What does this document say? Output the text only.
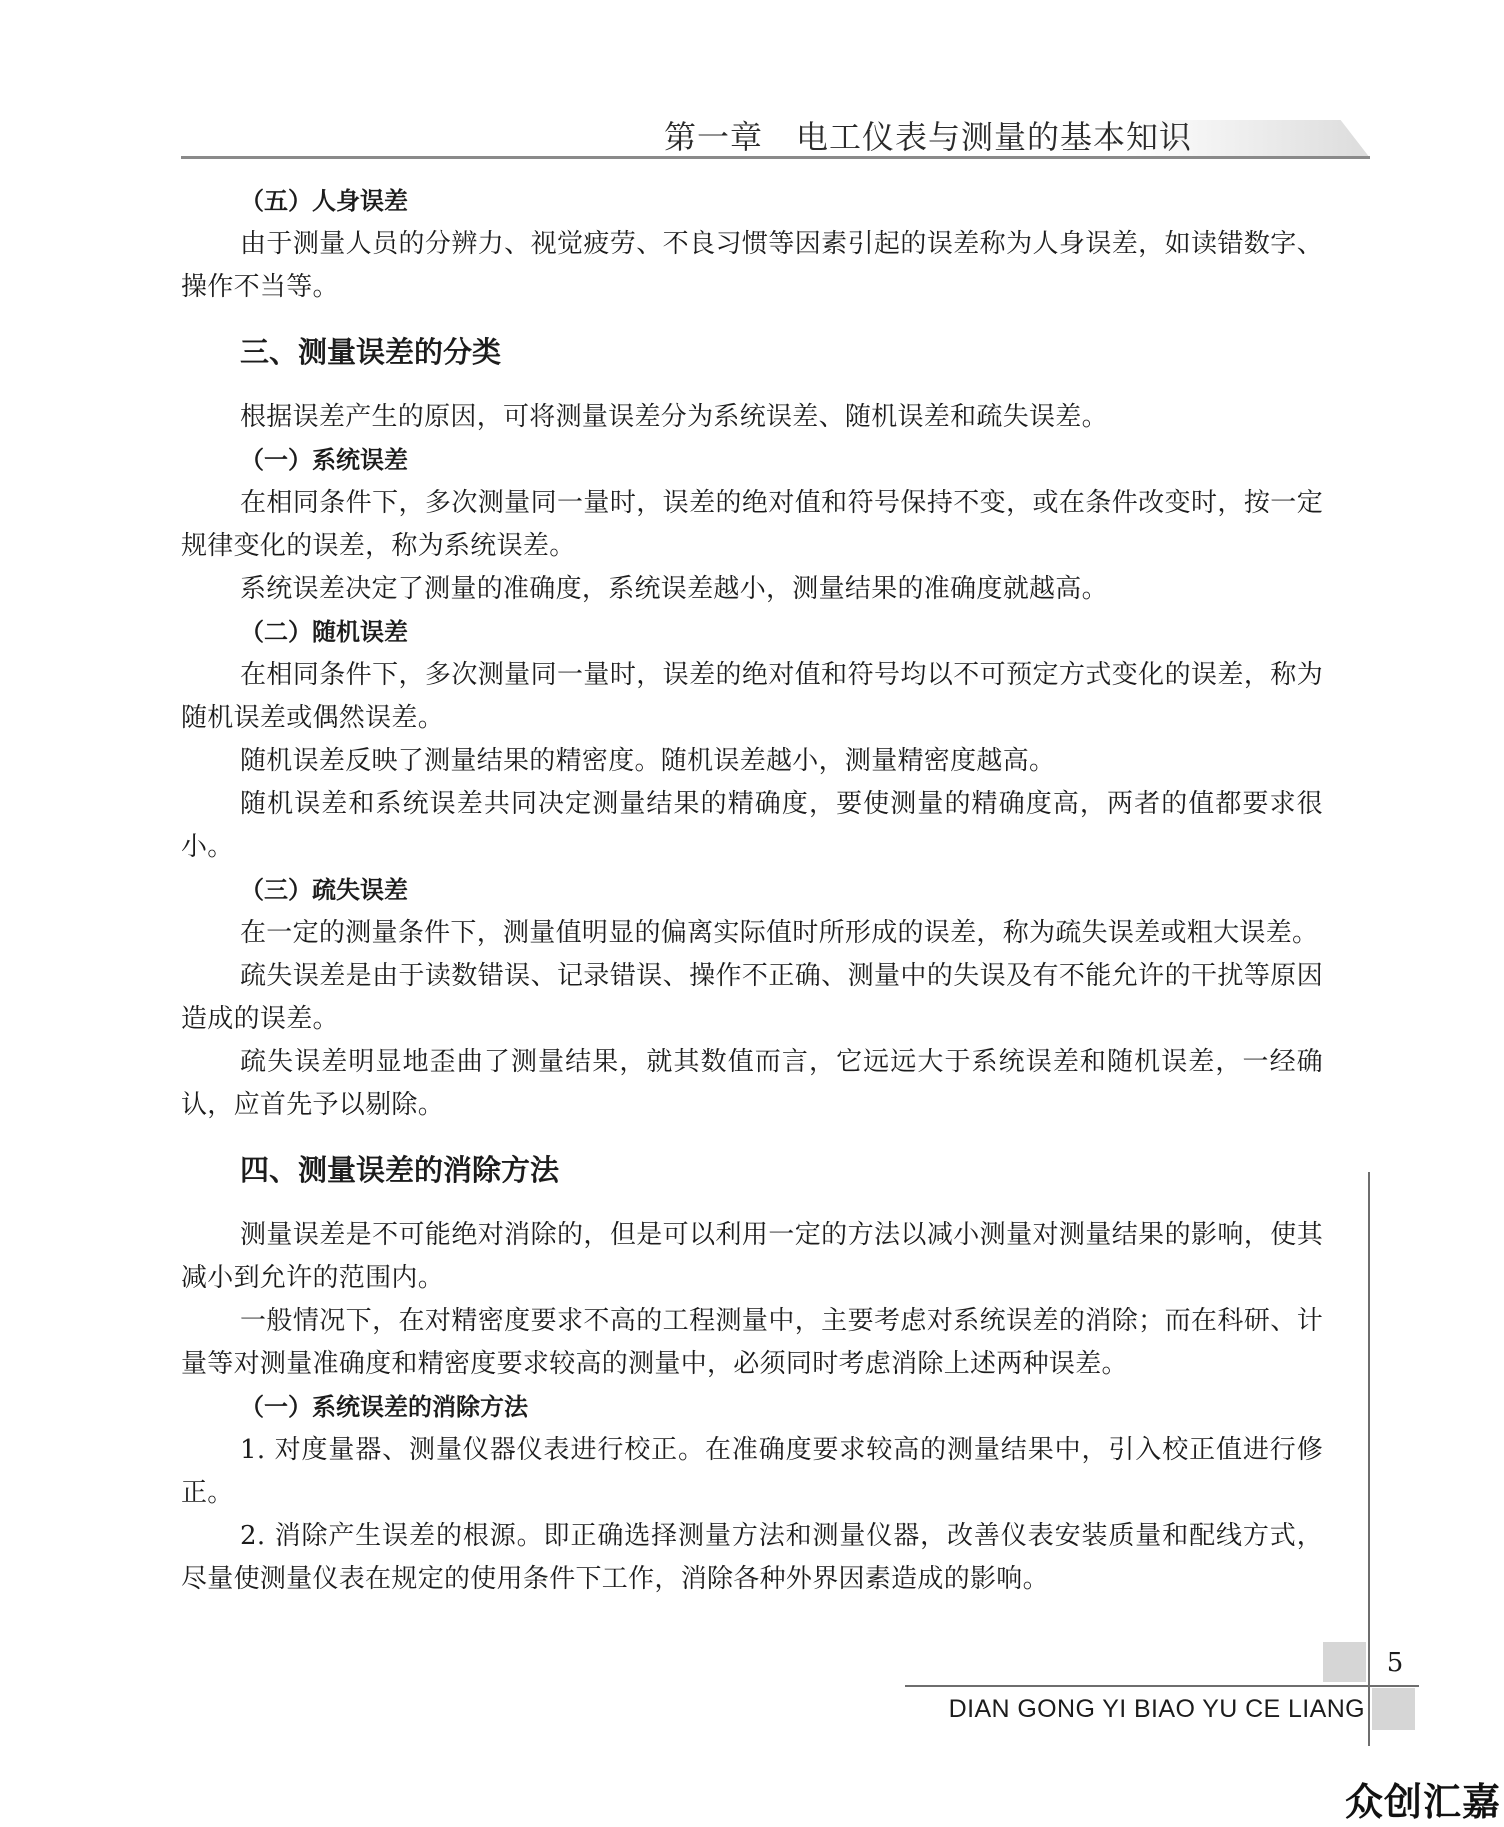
第一章　电工仪表与测量的基本知识

（五）人身误差

由于测量人员的分辨力、视觉疲劳、不良习惯等因素引起的误差称为人身误差，如读错数字、操作不当等。

三、测量误差的分类

根据误差产生的原因，可将测量误差分为系统误差、随机误差和疏失误差。

（一）系统误差

在相同条件下，多次测量同一量时，误差的绝对值和符号保持不变，或在条件改变时，按一定规律变化的误差，称为系统误差。

系统误差决定了测量的准确度，系统误差越小，测量结果的准确度就越高。

（二）随机误差

在相同条件下，多次测量同一量时，误差的绝对值和符号均以不可预定方式变化的误差，称为随机误差或偶然误差。

随机误差反映了测量结果的精密度。随机误差越小，测量精密度越高。

随机误差和系统误差共同决定测量结果的精确度，要使测量的精确度高，两者的值都要求很小。

（三）疏失误差

在一定的测量条件下，测量值明显的偏离实际值时所形成的误差，称为疏失误差或粗大误差。

疏失误差是由于读数错误、记录错误、操作不正确、测量中的失误及有不能允许的干扰等原因造成的误差。

疏失误差明显地歪曲了测量结果，就其数值而言，它远远大于系统误差和随机误差，一经确认，应首先予以剔除。

四、测量误差的消除方法

测量误差是不可能绝对消除的，但是可以利用一定的方法以减小测量对测量结果的影响，使其减小到允许的范围内。

一般情况下，在对精密度要求不高的工程测量中，主要考虑对系统误差的消除；而在科研、计量等对测量准确度和精密度要求较高的测量中，必须同时考虑消除上述两种误差。

（一）系统误差的消除方法

1. 对度量器、测量仪器仪表进行校正。在准确度要求较高的测量结果中，引入校正值进行修正。

2. 消除产生误差的根源。即正确选择测量方法和测量仪器，改善仪表安装质量和配线方式，尽量使测量仪表在规定的使用条件下工作，消除各种外界因素造成的影响。

5
DIAN GONG YI BIAO YU CE LIANG
众创汇嘉
